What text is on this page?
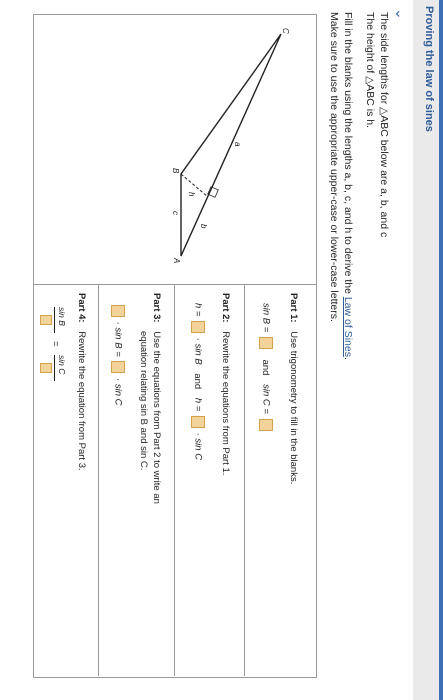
Proving the law of sines
⌄

The side lengths for △ABC below are a, b, and c

The height of △ABC is h.

Fill in the blanks using the lengths a, b, c, and h to derive the Law of Sines.

Make sure to use the appropriate upper-case or lower-case letters.

C
A
B
a
b
c
h
Part 1: Use trigonometry to fill in the blanks.
sin B =  and sin C =
Part 2: Rewrite the equations from Part 1.
h =  · sin B and h =  · sin C
Part 3: Use the equations from Part 2 to write an
equation relating sin B and sin C.
· sin B =  · sin C
Part 4: Rewrite the equation from Part 3.
sin B
=
sin C
